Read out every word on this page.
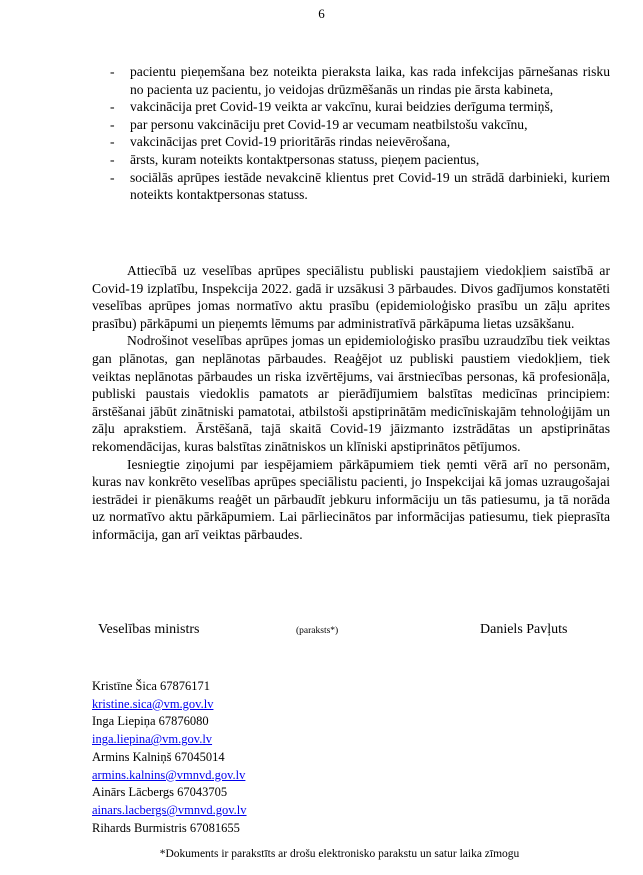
6
- pacientu pieņemšana bez noteikta pieraksta laika, kas rada infekcijas pārnešanas risku no pacienta uz pacientu, jo veidojas drūzmēšanās un rindas pie ārsta kabineta,
- vakcinācija pret Covid-19 veikta ar vakcīnu, kurai beidzies derīguma termiņš,
- par personu vakcināciju pret Covid-19 ar vecumam neatbilstošu vakcīnu,
- vakcinācijas pret Covid-19 prioritārās rindas neievērošana,
- ārsts, kuram noteikts kontaktpersonas statuss, pieņem pacientus,
- sociālās aprūpes iestāde nevakcinē klientus pret Covid-19 un strādā darbinieki, kuriem noteikts kontaktpersonas statuss.

Attiecībā uz veselības aprūpes speciālistu publiski paustajiem viedokļiem saistībā ar Covid-19 izplatību, Inspekcija 2022. gadā ir uzsākusi 3 pārbaudes. Divos gadījumos konstatēti veselības aprūpes jomas normatīvo aktu prasību (epidemioloģisko prasību un zāļu aprites prasību) pārkāpumi un pieņemts lēmums par administratīvā pārkāpuma lietas uzsākšanu.

Nodrošinot veselības aprūpes jomas un epidemioloģisko prasību uzraudzību tiek veiktas gan plānotas, gan neplānotas pārbaudes. Reaģējot uz publiski paustiem viedokļiem, tiek veiktas neplānotas pārbaudes un riska izvērtējums, vai ārstniecības personas, kā profesionāļa, publiski paustais viedoklis pamatots ar pierādījumiem balstītas medicīnas principiem: ārstēšanai jābūt zinātniski pamatotai, atbilstoši apstiprinātām medicīniskajām tehnoloģijām un zāļu aprakstiem. Ārstēšanā, tajā skaitā Covid-19 jāizmanto izstrādātas un apstiprinātas rekomendācijas, kuras balstītas zinātniskos un klīniski apstiprinātos pētījumos.

Iesniegtie ziņojumi par iespējamiem pārkāpumiem tiek ņemti vērā arī no personām, kuras nav konkrēto veselības aprūpes speciālistu pacienti, jo Inspekcijai kā jomas uzraugošajai iestrādei ir pienākums reaģēt un pārbaudīt jebkuru informāciju un tās patiesumu, ja tā norāda uz normatīvo aktu pārkāpumiem. Lai pārliecinātos par informācijas patiesumu, tiek pieprasīta informācija, gan arī veiktas pārbaudes.

Veselības ministrs	(paraksts*)	Daniels Pavļuts
Kristīne Šica 67876171
kristine.sica@vm.gov.lv
Inga Liepiņa 67876080
inga.liepina@vm.gov.lv
Armins Kalniņš 67045014
armins.kalnins@vmnvd.gov.lv
Ainārs Lācbergs 67043705
ainars.lacbergs@vmnvd.gov.lv
Rihards Burmistris 67081655
*Dokuments ir parakstīts ar drošu elektronisko parakstu un satur laika zīmogu
